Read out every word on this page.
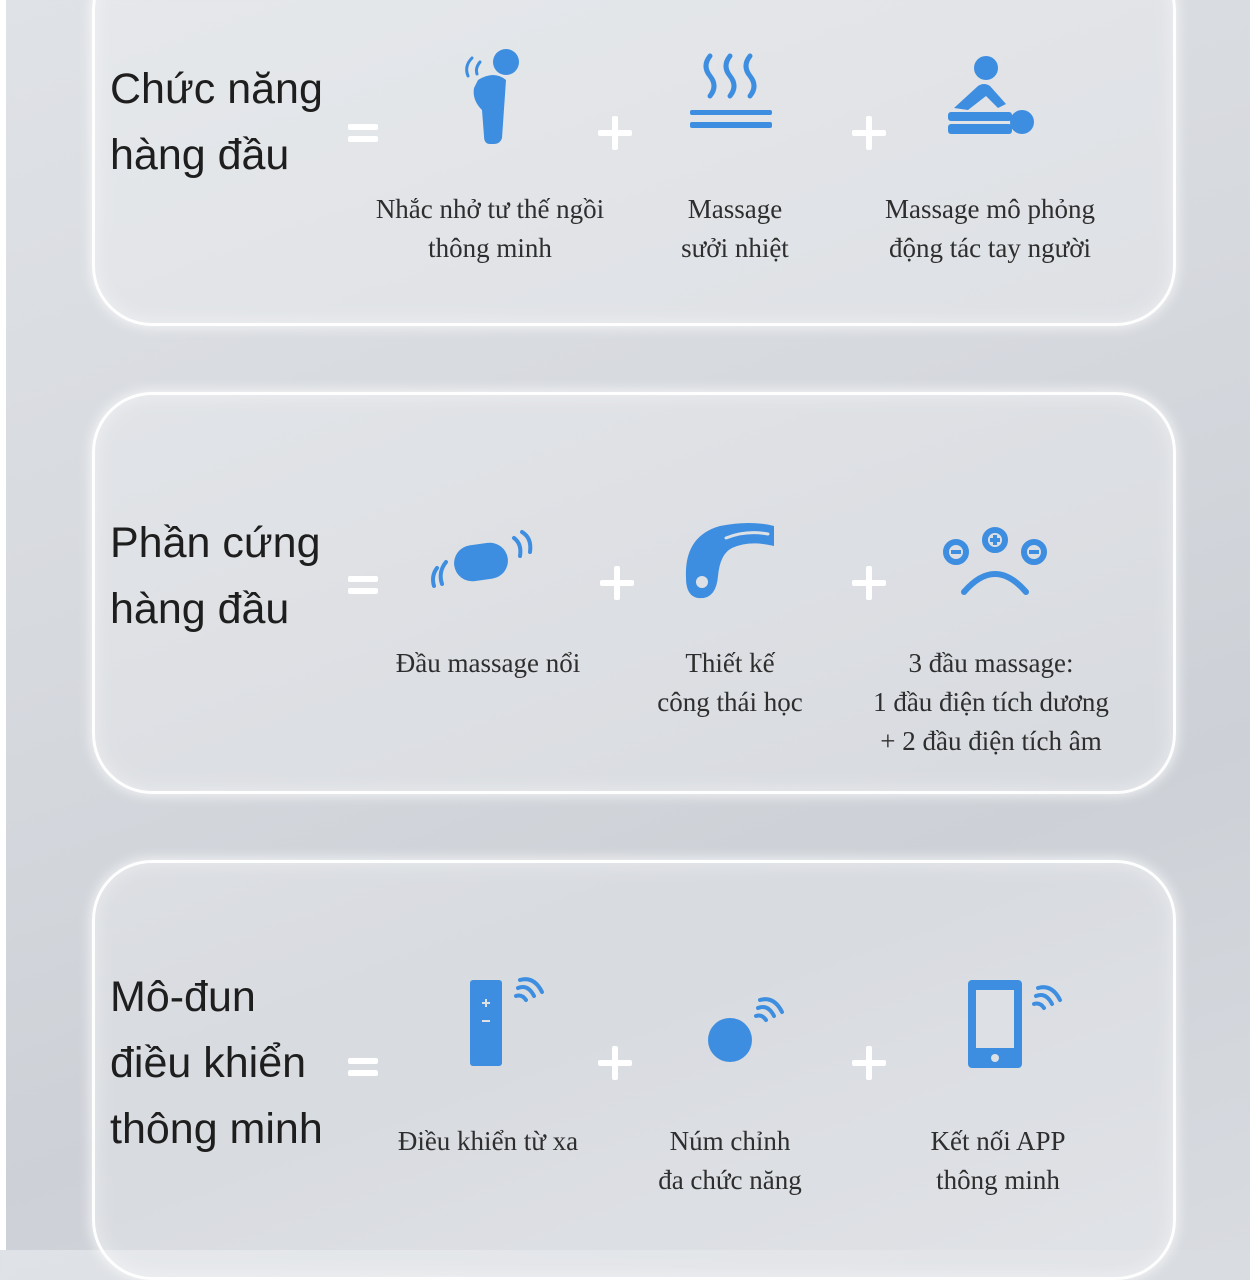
Chức năng
hàng đầu
Nhắc nhở tư thế ngồi
thông minh
Massage
sưởi nhiệt
Massage mô phỏng
động tác tay người
Phần cứng
hàng đầu
Đầu massage nổi	Thiết kế
công thái học
3 đầu massage:
1 đầu điện tích dương
+ 2 đầu điện tích âm
Mô-đun
điều khiển
thông minh	Điều khiển từ xa	Núm chỉnh
đa chức năng
Kết nối APP
thông minh
